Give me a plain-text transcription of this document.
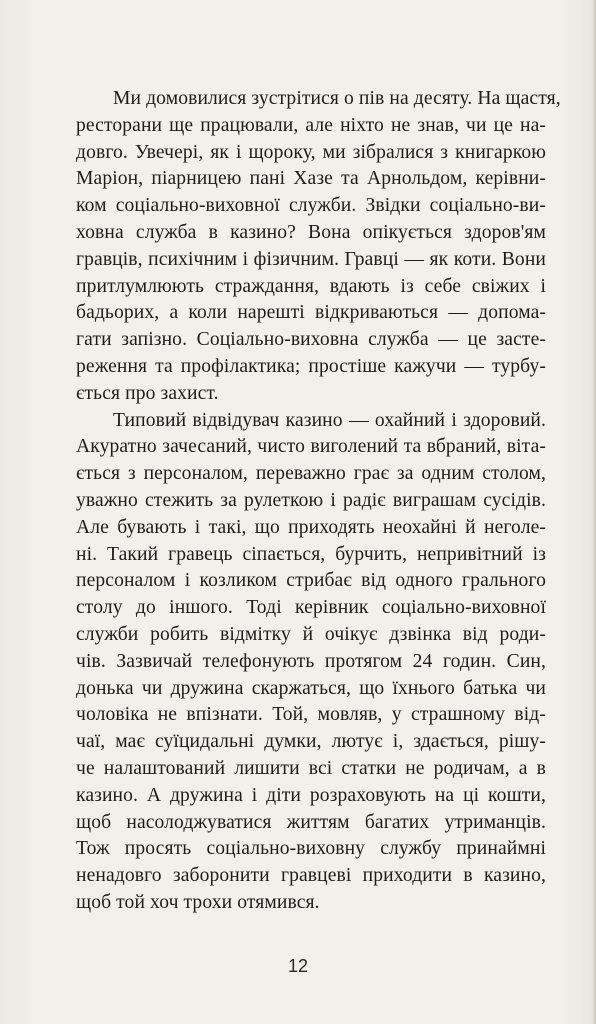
Ми домовилися зустрітися о пів на десяту. На щастя,
ресторани ще працювали, але ніхто не знав, чи це на-
довго. Увечері, як і щороку, ми зібралися з книгаркою
Маріон, піарницею пані Хазе та Арнольдом, керівни-
ком соціально-виховної служби. Звідки соціально-ви-
ховна служба в казино? Вона опікується здоров'ям
гравців, психічним і фізичним. Гравці — як коти. Вони
притлумлюють страждання, вдають із себе свіжих і
бадьорих, а коли нарешті відкриваються — допома-
гати запізно. Соціально-виховна служба — це засте-
реження та профілактика; простіше кажучи — турбу-
ється про захист.
Типовий відвідувач казино — охайний і здоровий.
Акуратно зачесаний, чисто виголений та вбраний, віта-
ється з персоналом, переважно грає за одним столом,
уважно стежить за рулеткою і радіє виграшам сусідів.
Але бувають і такі, що приходять неохайні й неголе-
ні. Такий гравець сіпається, бурчить, непривітний із
персоналом і козликом стрибає від одного грального
столу до іншого. Тоді керівник соціально-виховної
служби робить відмітку й очікує дзвінка від роди-
чів. Зазвичай телефонують протягом 24 годин. Син,
донька чи дружина скаржаться, що їхнього батька чи
чоловіка не впізнати. Той, мовляв, у страшному від-
чаї, має суїцидальні думки, лютує і, здається, рішу-
че налаштований лишити всі статки не родичам, а в
казино. А дружина і діти розраховують на ці кошти,
щоб насолоджуватися життям багатих утриманців.
Тож просять соціально-виховну службу принаймні
ненадовго заборонити гравцеві приходити в казино,
щоб той хоч трохи отямився.
12
